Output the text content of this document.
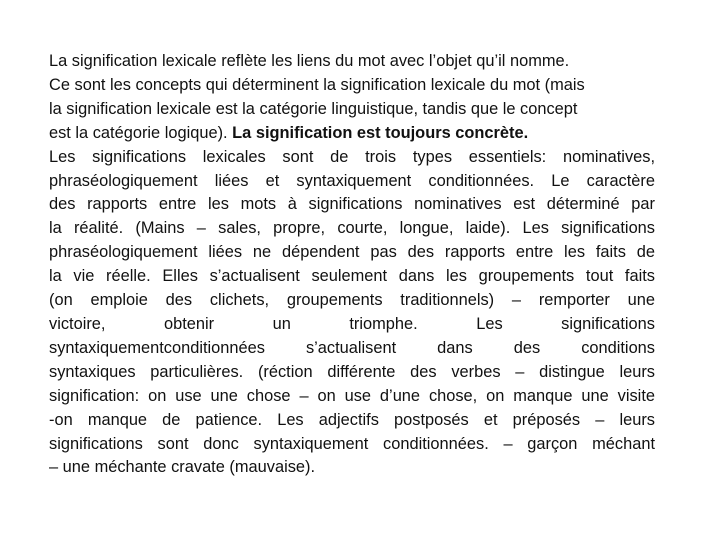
La signification lexicale reflète les liens du mot avec l’objet qu’il nomme.
Ce sont les concepts qui déterminent la signification lexicale du mot (mais
la signification lexicale est la catégorie linguistique, tandis que le concept
est la catégorie logique). La signification est toujours concrète.
Les significations lexicales sont de trois types essentiels: nominatives,
phraséologiquement liées et syntaxiquement conditionnées. Le caractère
des rapports entre les mots à significations nominatives est déterminé par
la réalité. (Mains – sales, propre, courte, longue, laide). Les significations
phraséologiquement liées ne dépendent pas des rapports entre les faits de
la vie réelle. Elles s’actualisent seulement dans les groupements tout faits
(on emploie des clichets, groupements traditionnels) – remporter une
victoire, obtenir un triomphe. Les significations
syntaxiquementconditionnées s’actualisent dans des conditions
syntaxiques particulières. (réction différente des verbes – distingue leurs
signification: on use une chose – on use d’une chose, on manque une visite
-on manque de patience. Les adjectifs postposés et préposés – leurs
significations sont donc syntaxiquement conditionnées. – garçon méchant
– une méchante cravate (mauvaise).
